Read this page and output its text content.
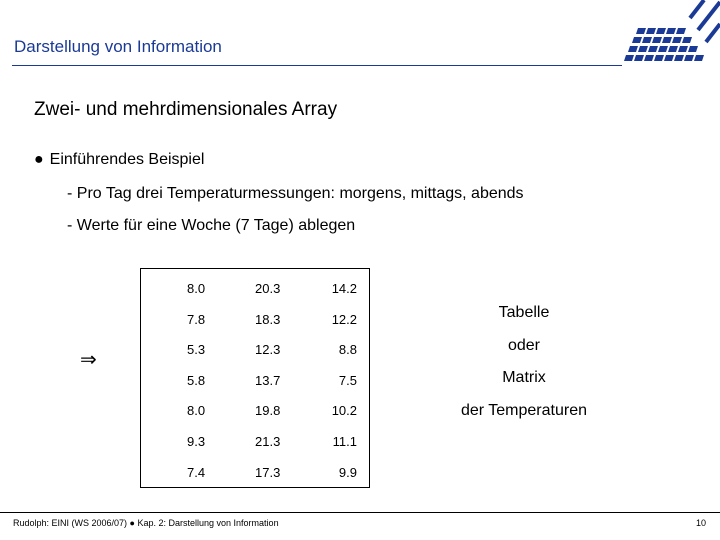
Darstellung von Information
Zwei- und mehrdimensionales Array
● Einführendes Beispiel
- Pro Tag drei Temperaturmessungen: morgens, mittags, abends
- Werte für eine Woche (7 Tage) ablegen
⇒
8.0	20.3	14.2
7.8	18.3	12.2
5.3	12.3	8.8
5.8	13.7	7.5
8.0	19.8	10.2
9.3	21.3	11.1
7.4	17.3	9.9
Tabelle
oder
Matrix
der Temperaturen
Rudolph: EINI (WS 2006/07) ● Kap. 2: Darstellung von Information	10
